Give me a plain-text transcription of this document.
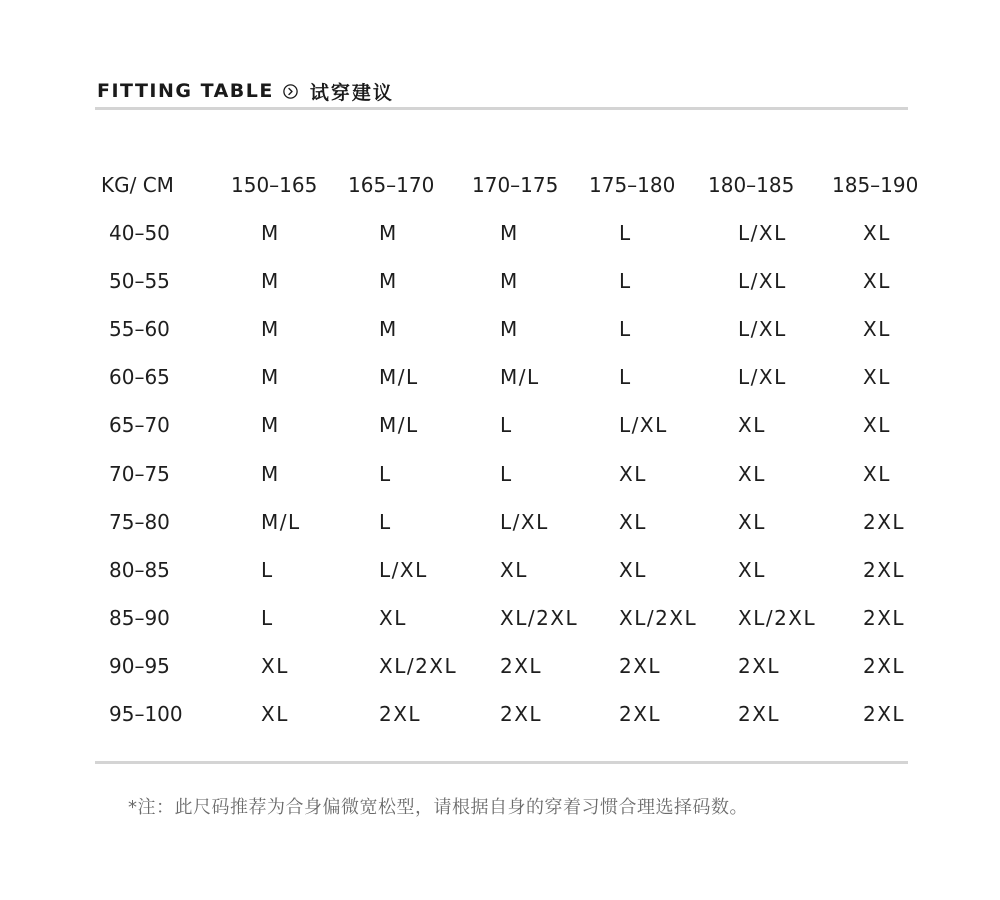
FITTING TABLE 试穿建议
KG/ CM	150–165 165–170 170–175 175–180 180–185 185–190
40–50	M	M	M	L	L/XL	XL
50–55	M	M	M	L	L/XL	XL
55–60	M	M	M	L	L/XL	XL
60–65	M	M/L	M/L	L	L/XL	XL
65–70	M	M/L	L	L/XL	XL	XL
70–75	M	L	L	XL	XL	XL
75–80	M/L	L	L/XL	XL	XL	2XL
80–85	L	L/XL	XL	XL	XL	2XL
85–90	L	XL	XL/2XL XL/2XL XL/2XL 2XL
90–95	XL	XL/2XL 2XL	2XL	2XL	2XL
95–100	XL	2XL	2XL	2XL	2XL	2XL
*注：此尺码推荐为合身偏微宽松型，请根据自身的穿着习惯合理选择码数。
